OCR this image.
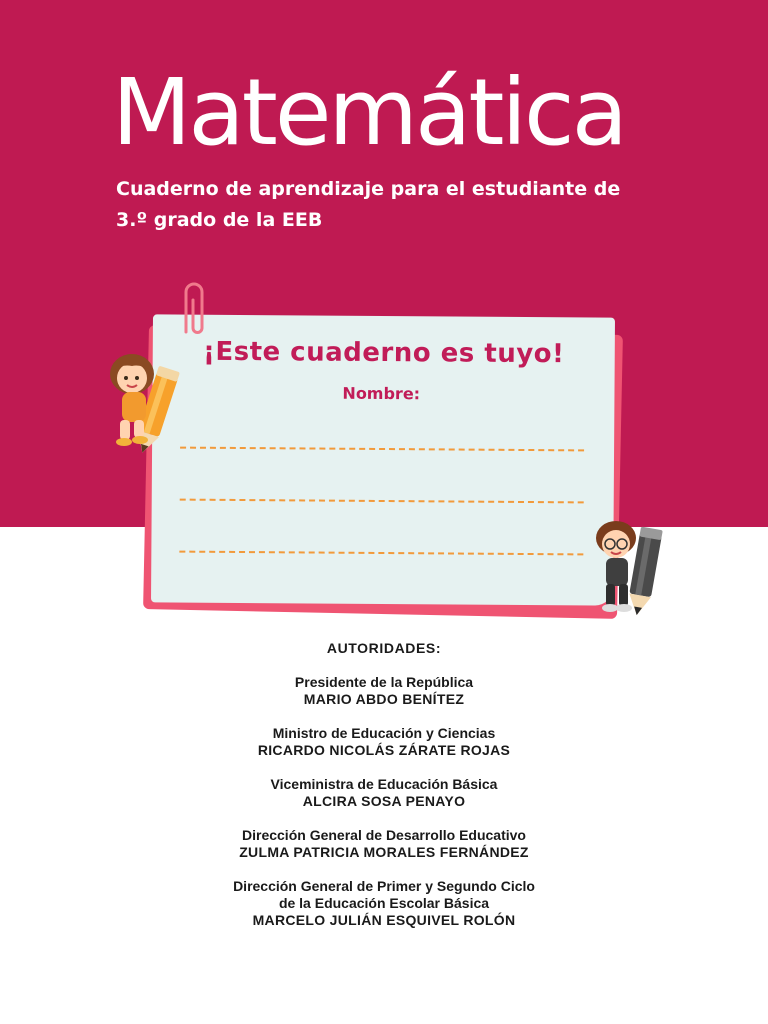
Matemática

Cuaderno de aprendizaje para el estudiante de
3.º grado de la EEB

¡Este cuaderno es tuyo!
Nombre:
AUTORIDADES:
Presidente de la República
MARIO ABDO BENÍTEZ
Ministro de Educación y Ciencias
RICARDO NICOLÁS ZÁRATE ROJAS
Viceministra de Educación Básica
ALCIRA SOSA PENAYO
Dirección General de Desarrollo Educativo
ZULMA PATRICIA MORALES FERNÁNDEZ
Dirección General de Primer y Segundo Ciclo
de la Educación Escolar Básica
MARCELO JULIÁN ESQUIVEL ROLÓN
